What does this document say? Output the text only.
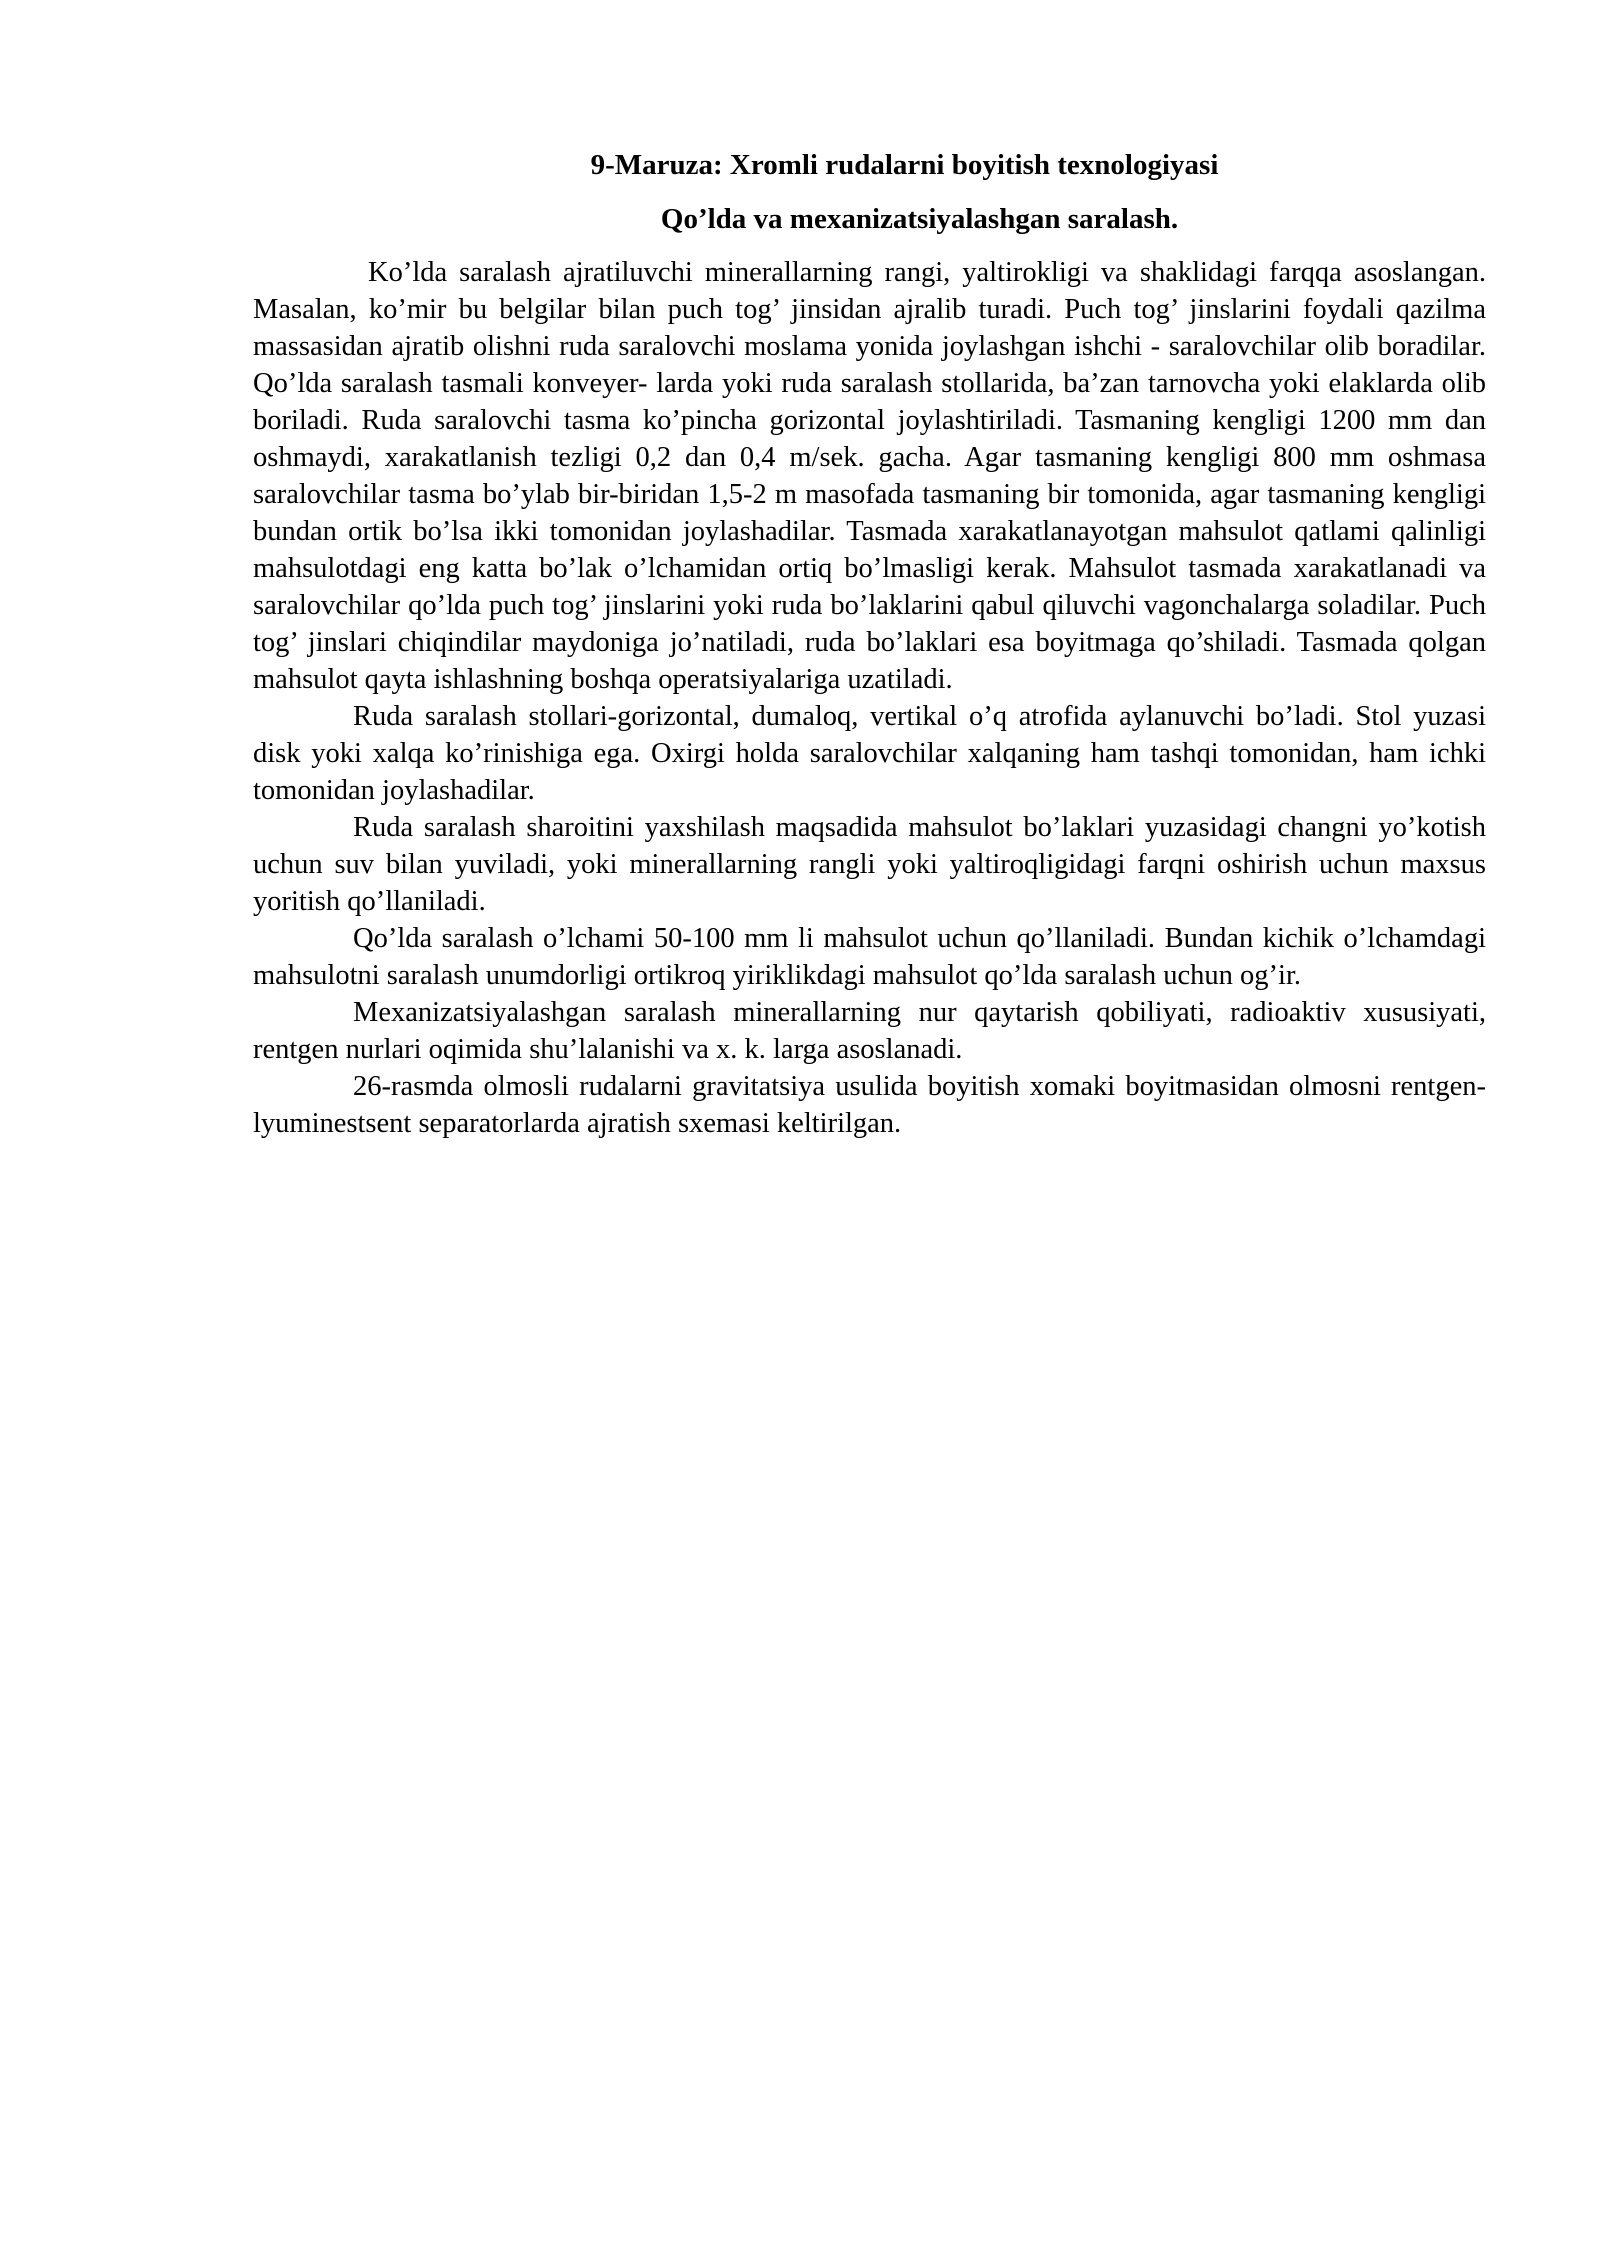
9-Maruza: Xromli rudalarni boyitish texnologiyasi
Qo’lda va mexanizatsiyalashgan saralash.

Ko’lda saralash ajratiluvchi minerallarning rangi, yaltirokligi va shaklidagi farqqa asoslangan. Masalan, ko’mir bu belgilar bilan puch tog’ jinsidan ajralib turadi. Puch tog’ jinslarini foydali qazilma massasidan ajratib olishni ruda saralovchi moslama yonida joylashgan ishchi - saralovchilar olib boradilar. Qo’lda saralash tasmali konveyer- larda yoki ruda saralash stollarida, ba’zan tarnovcha yoki elaklarda olib boriladi. Ruda saralovchi tasma ko’pincha gorizontal joylashtiriladi. Tasmaning kengligi 1200 mm dan oshmaydi, xarakatlanish tezligi 0,2 dan 0,4 m/sek. gacha. Agar tasmaning kengligi 800 mm oshmasa saralovchilar tasma bo’ylab bir-biridan 1,5-2 m masofada tasmaning bir tomonida, agar tasmaning kengligi bundan ortik bo’lsa ikki tomonidan joylashadilar. Tasmada xarakatlanayotgan mahsulot qatlami qalinligi mahsulotdagi eng katta bo’lak o’lchamidan ortiq bo’lmasligi kerak. Mahsulot tasmada xarakatlanadi va saralovchilar qo’lda puch tog’ jinslarini yoki ruda bo’laklarini qabul qiluvchi vagonchalarga soladilar. Puch tog’ jinslari chiqindilar maydoniga jo’natiladi, ruda bo’laklari esa boyitmaga qo’shiladi. Tasmada qolgan mahsulot qayta ishlashning boshqa operatsiyalariga uzatiladi.

Ruda saralash stollari-gorizontal, dumaloq, vertikal o’q atrofida aylanuvchi bo’ladi. Stol yuzasi disk yoki xalqa ko’rinishiga ega. Oxirgi holda saralovchilar xalqaning ham tashqi tomonidan, ham ichki tomonidan joylashadilar.

Ruda saralash sharoitini yaxshilash maqsadida mahsulot bo’laklari yuzasidagi changni yo’kotish uchun suv bilan yuviladi, yoki minerallarning rangli yoki yaltiroqligidagi farqni oshirish uchun maxsus yoritish qo’llaniladi.

Qo’lda saralash o’lchami 50-100 mm li mahsulot uchun qo’llaniladi. Bundan kichik o’lchamdagi mahsulotni saralash unumdorligi ortikroq yiriklikdagi mahsulot qo’lda saralash uchun og’ir.

Mexanizatsiyalashgan saralash minerallarning nur qaytarish qobiliyati, radioaktiv xususiyati, rentgen nurlari oqimida shu’lalanishi va x. k. larga asoslanadi.

26-rasmda olmosli rudalarni gravitatsiya usulida boyitish xomaki boyitmasidan olmosni rentgen-lyuminestsent separatorlarda ajratish sxemasi keltirilgan.
